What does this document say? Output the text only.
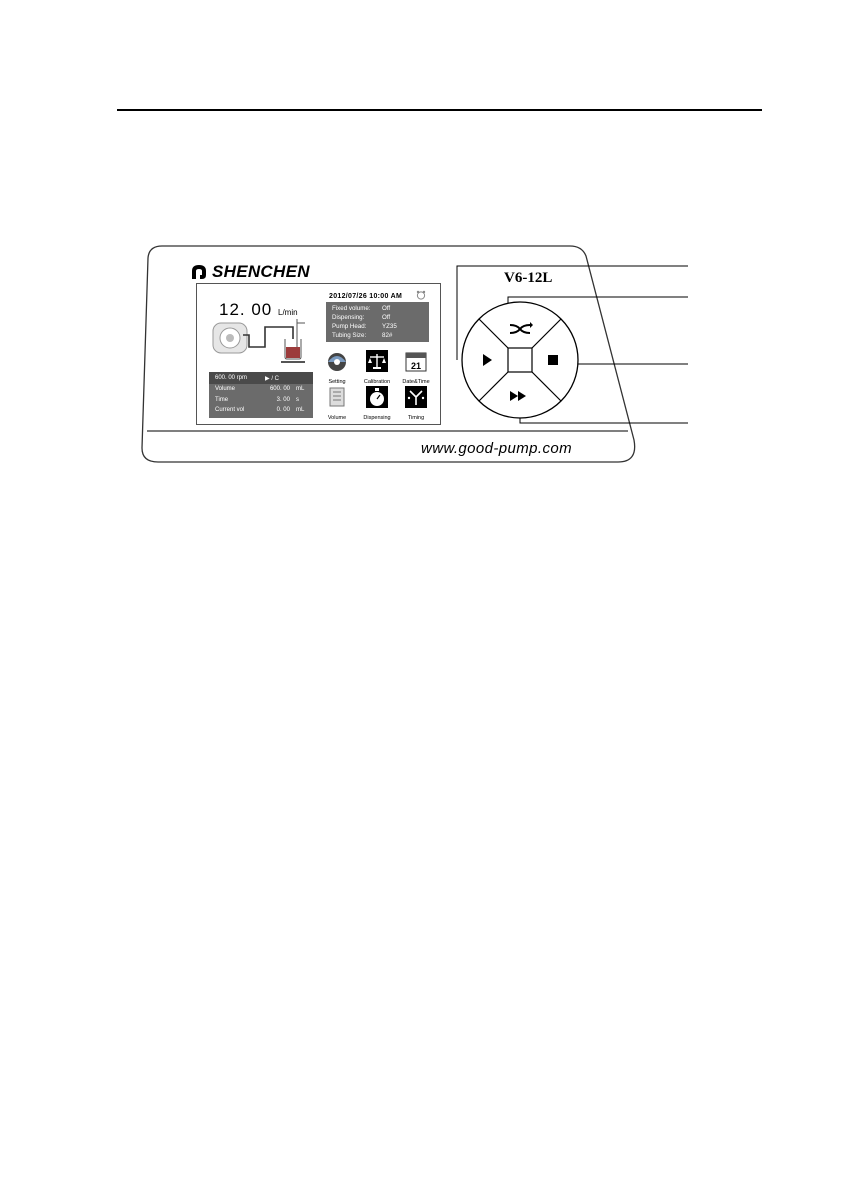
SHENCHEN	V6-12L
www.good-pump.com
12. 00 L/min
2012/07/26 10:00 AM
Fixed volume:	Off
Dispensing:	Off
Pump Head:	YZ35
Tubing Size:	82#
600. 00 rpm	▶ / C
Volume	600. 00 mL
Time	3. 00 s
Current vol	0. 00 mL
Setting	Calibration
21
Date&Time
Volume	Dispensing	Timing
